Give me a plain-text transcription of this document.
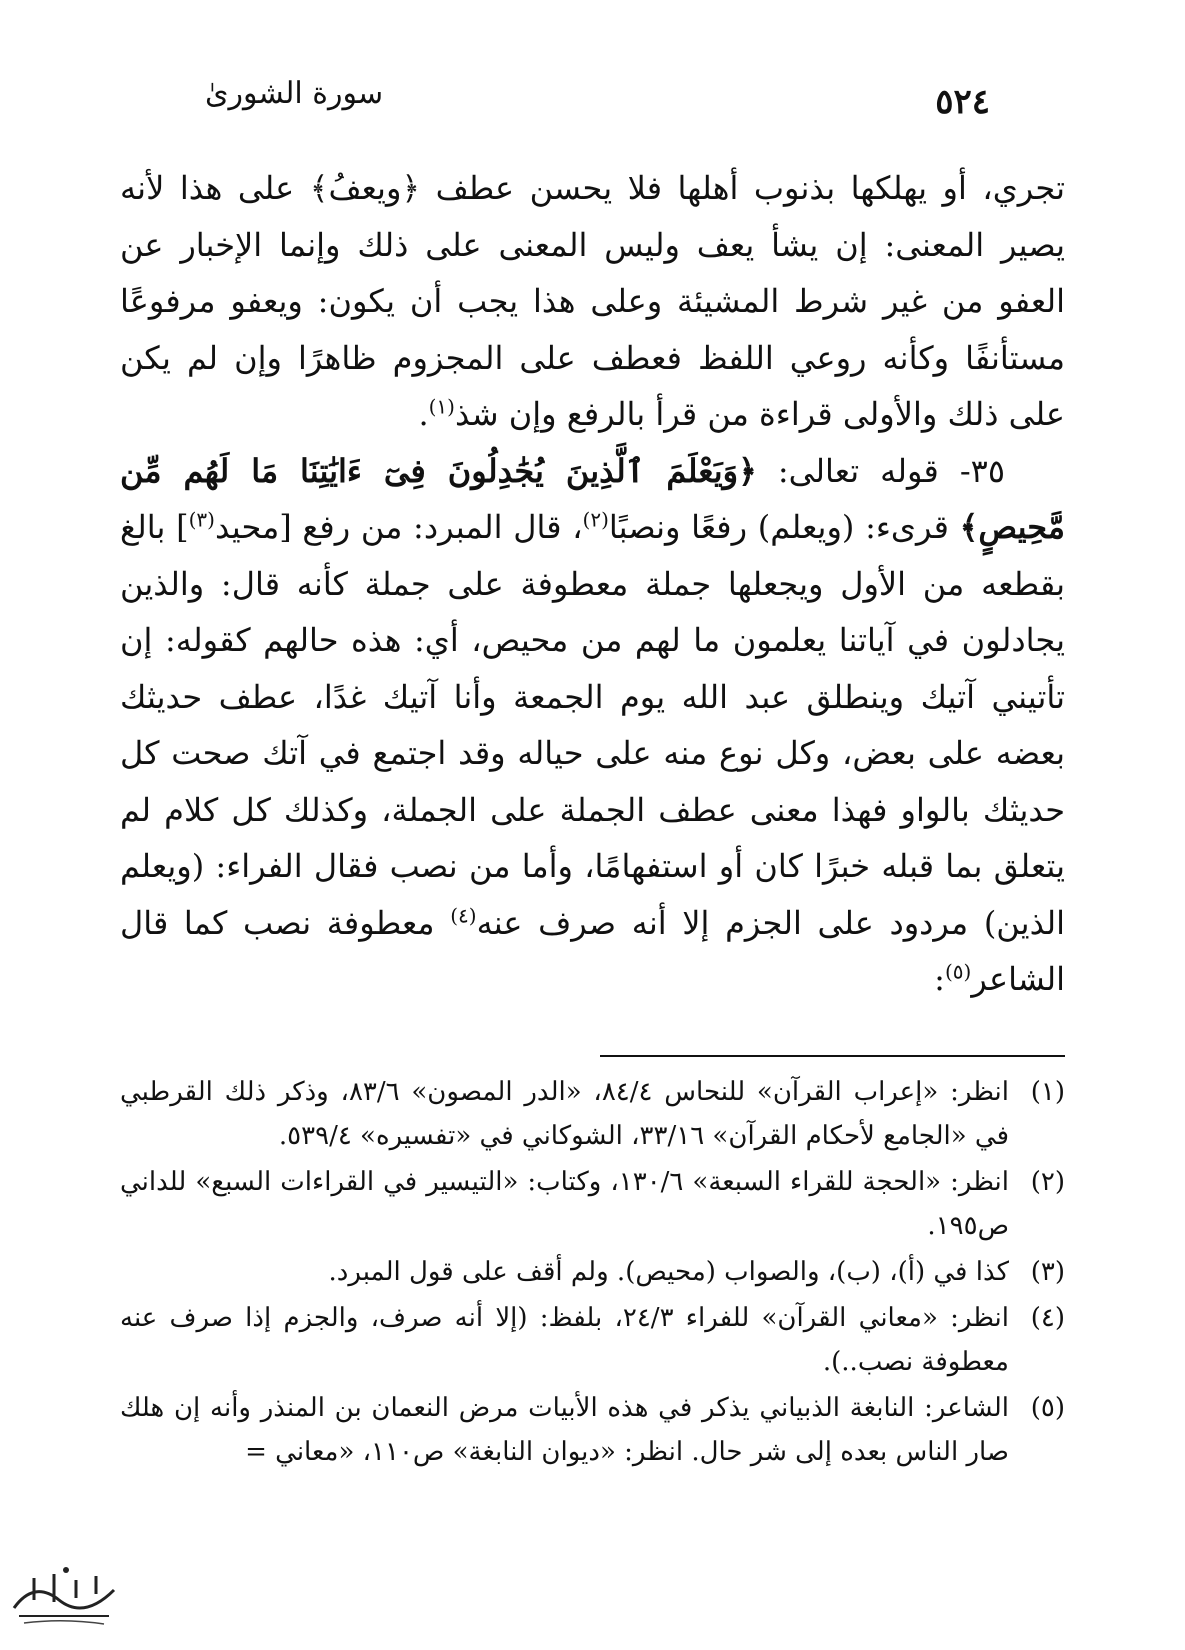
٥٢٤
سورة الشورىٰ

تجري، أو يهلكها بذنوب أهلها فلا يحسن عطف ﴿ويعفُ﴾ على هذا لأنه يصير المعنى: إن يشأ يعف وليس المعنى على ذلك وإنما الإخبار عن العفو من غير شرط المشيئة وعلى هذا يجب أن يكون: ويعفو مرفوعًا مستأنفًا وكأنه روعي اللفظ فعطف على المجزوم ظاهرًا وإن لم يكن على ذلك والأولى قراءة من قرأ بالرفع وإن شذ$^{(١)}$.

٣٥- قوله تعالى: ﴿وَيَعْلَمَ ٱلَّذِينَ يُجَٰدِلُونَ فِىٓ ءَايَٰتِنَا مَا لَهُم مِّن مَّحِيصٍ﴾ قرىء: (ويعلم) رفعًا ونصبًا$^{(٢)}$، قال المبرد: من رفع [محيد$^{(٣)}$] بالغ بقطعه من الأول ويجعلها جملة معطوفة على جملة كأنه قال: والذين يجادلون في آياتنا يعلمون ما لهم من محيص، أي: هذه حالهم كقوله: إن تأتيني آتيك وينطلق عبد الله يوم الجمعة وأنا آتيك غدًا، عطف حديثك بعضه على بعض، وكل نوع منه على حياله وقد اجتمع في آتك صحت كل حديثك بالواو فهذا معنى عطف الجملة على الجملة، وكذلك كل كلام لم يتعلق بما قبله خبرًا كان أو استفهامًا، وأما من نصب فقال الفراء: (ويعلم الذين) مردود على الجزم إلا أنه صرف عنه$^{(٤)}$ معطوفة نصب كما قال الشاعر$^{(٥)}$:

(١)انظر: «إعراب القرآن» للنحاس ٨٤/٤، «الدر المصون» ٨٣/٦، وذكر ذلك القرطبي في «الجامع لأحكام القرآن» ٣٣/١٦، الشوكاني في «تفسيره» ٥٣٩/٤.

(٢)انظر: «الحجة للقراء السبعة» ١٣٠/٦، وكتاب: «التيسير في القراءات السبع» للداني ص١٩٥.

(٣)كذا في (أ)، (ب)، والصواب (محيص). ولم أقف على قول المبرد.

(٤)انظر: «معاني القرآن» للفراء ٢٤/٣، بلفظ: (إلا أنه صرف، والجزم إذا صرف عنه معطوفة نصب..).

(٥)الشاعر: النابغة الذبياني يذكر في هذه الأبيات مرض النعمان بن المنذر وأنه إن هلك صار الناس بعده إلى شر حال. انظر: «ديوان النابغة» ص١١٠، «معاني =
